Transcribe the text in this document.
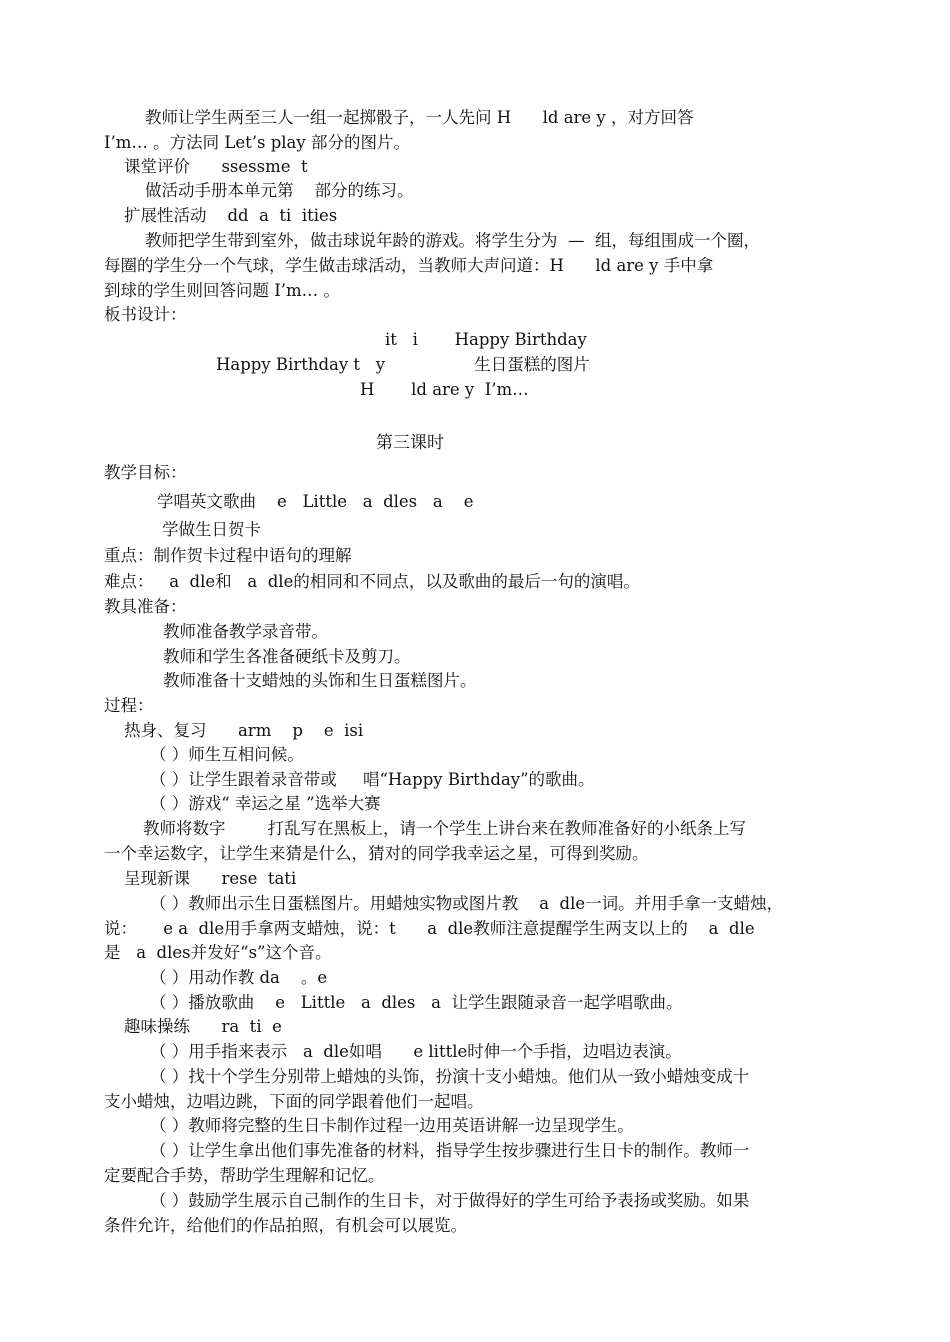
教师让学生两至三人一组一起掷骰子，一人先问 H      ld are y ，对方回答
I’m… 。方法同 Let’s play 部分的图片。
课堂评价      ssessme  t
做活动手册本单元第    部分的练习。
扩展性活动    dd  a  ti  ities
教师把学生带到室外，做击球说年龄的游戏。将学生分为  —  组，每组围成一个圈，
每圈的学生分一个气球，学生做击球活动，当教师大声问道：H      ld are y 手中拿
到球的学生则回答问题 I’m… 。
板书设计：
it   i       Happy Birthday
Happy Birthday t   y                 生日蛋糕的图片
H       ld are y  I’m…
第三课时
教学目标：
学唱英文歌曲    e   Little   a  dles   a    e
学做生日贺卡
重点：制作贺卡过程中语句的理解
难点：   a  dle和   a  dle的相同和不同点，以及歌曲的最后一句的演唱。
教具准备：
教师准备教学录音带。
教师和学生各准备硬纸卡及剪刀。
教师准备十支蜡烛的头饰和生日蛋糕图片。
过程：
热身、复习      arm    p    e  isi
（ ）师生互相问候。
（ ）让学生跟着录音带或     唱“Happy Birthday”的歌曲。
（ ）游戏“ 幸运之星 ”选举大赛
教师将数字        打乱写在黑板上，请一个学生上讲台来在教师准备好的小纸条上写
一个幸运数字，让学生来猜是什么，猜对的同学我幸运之星，可得到奖励。
呈现新课      rese  tati
（ ）教师出示生日蛋糕图片。用蜡烛实物或图片教    a  dle一词。并用手拿一支蜡烛，
说：     e a  dle用手拿两支蜡烛，说：t      a  dle教师注意提醒学生两支以上的    a  dle
是   a  dles并发好“s”这个音。
（ ）用动作教 da    。e
（ ）播放歌曲    e   Little   a  dles   a  让学生跟随录音一起学唱歌曲。
趣味操练      ra  ti  e
（ ）用手指来表示   a  dle如唱      e little时伸一个手指，边唱边表演。
（ ）找十个学生分别带上蜡烛的头饰，扮演十支小蜡烛。他们从一致小蜡烛变成十
支小蜡烛，边唱边跳，下面的同学跟着他们一起唱。
（ ）教师将完整的生日卡制作过程一边用英语讲解一边呈现学生。
（ ）让学生拿出他们事先准备的材料，指导学生按步骤进行生日卡的制作。教师一
定要配合手势，帮助学生理解和记忆。
（ ）鼓励学生展示自己制作的生日卡，对于做得好的学生可给予表扬或奖励。如果
条件允许，给他们的作品拍照，有机会可以展览。
